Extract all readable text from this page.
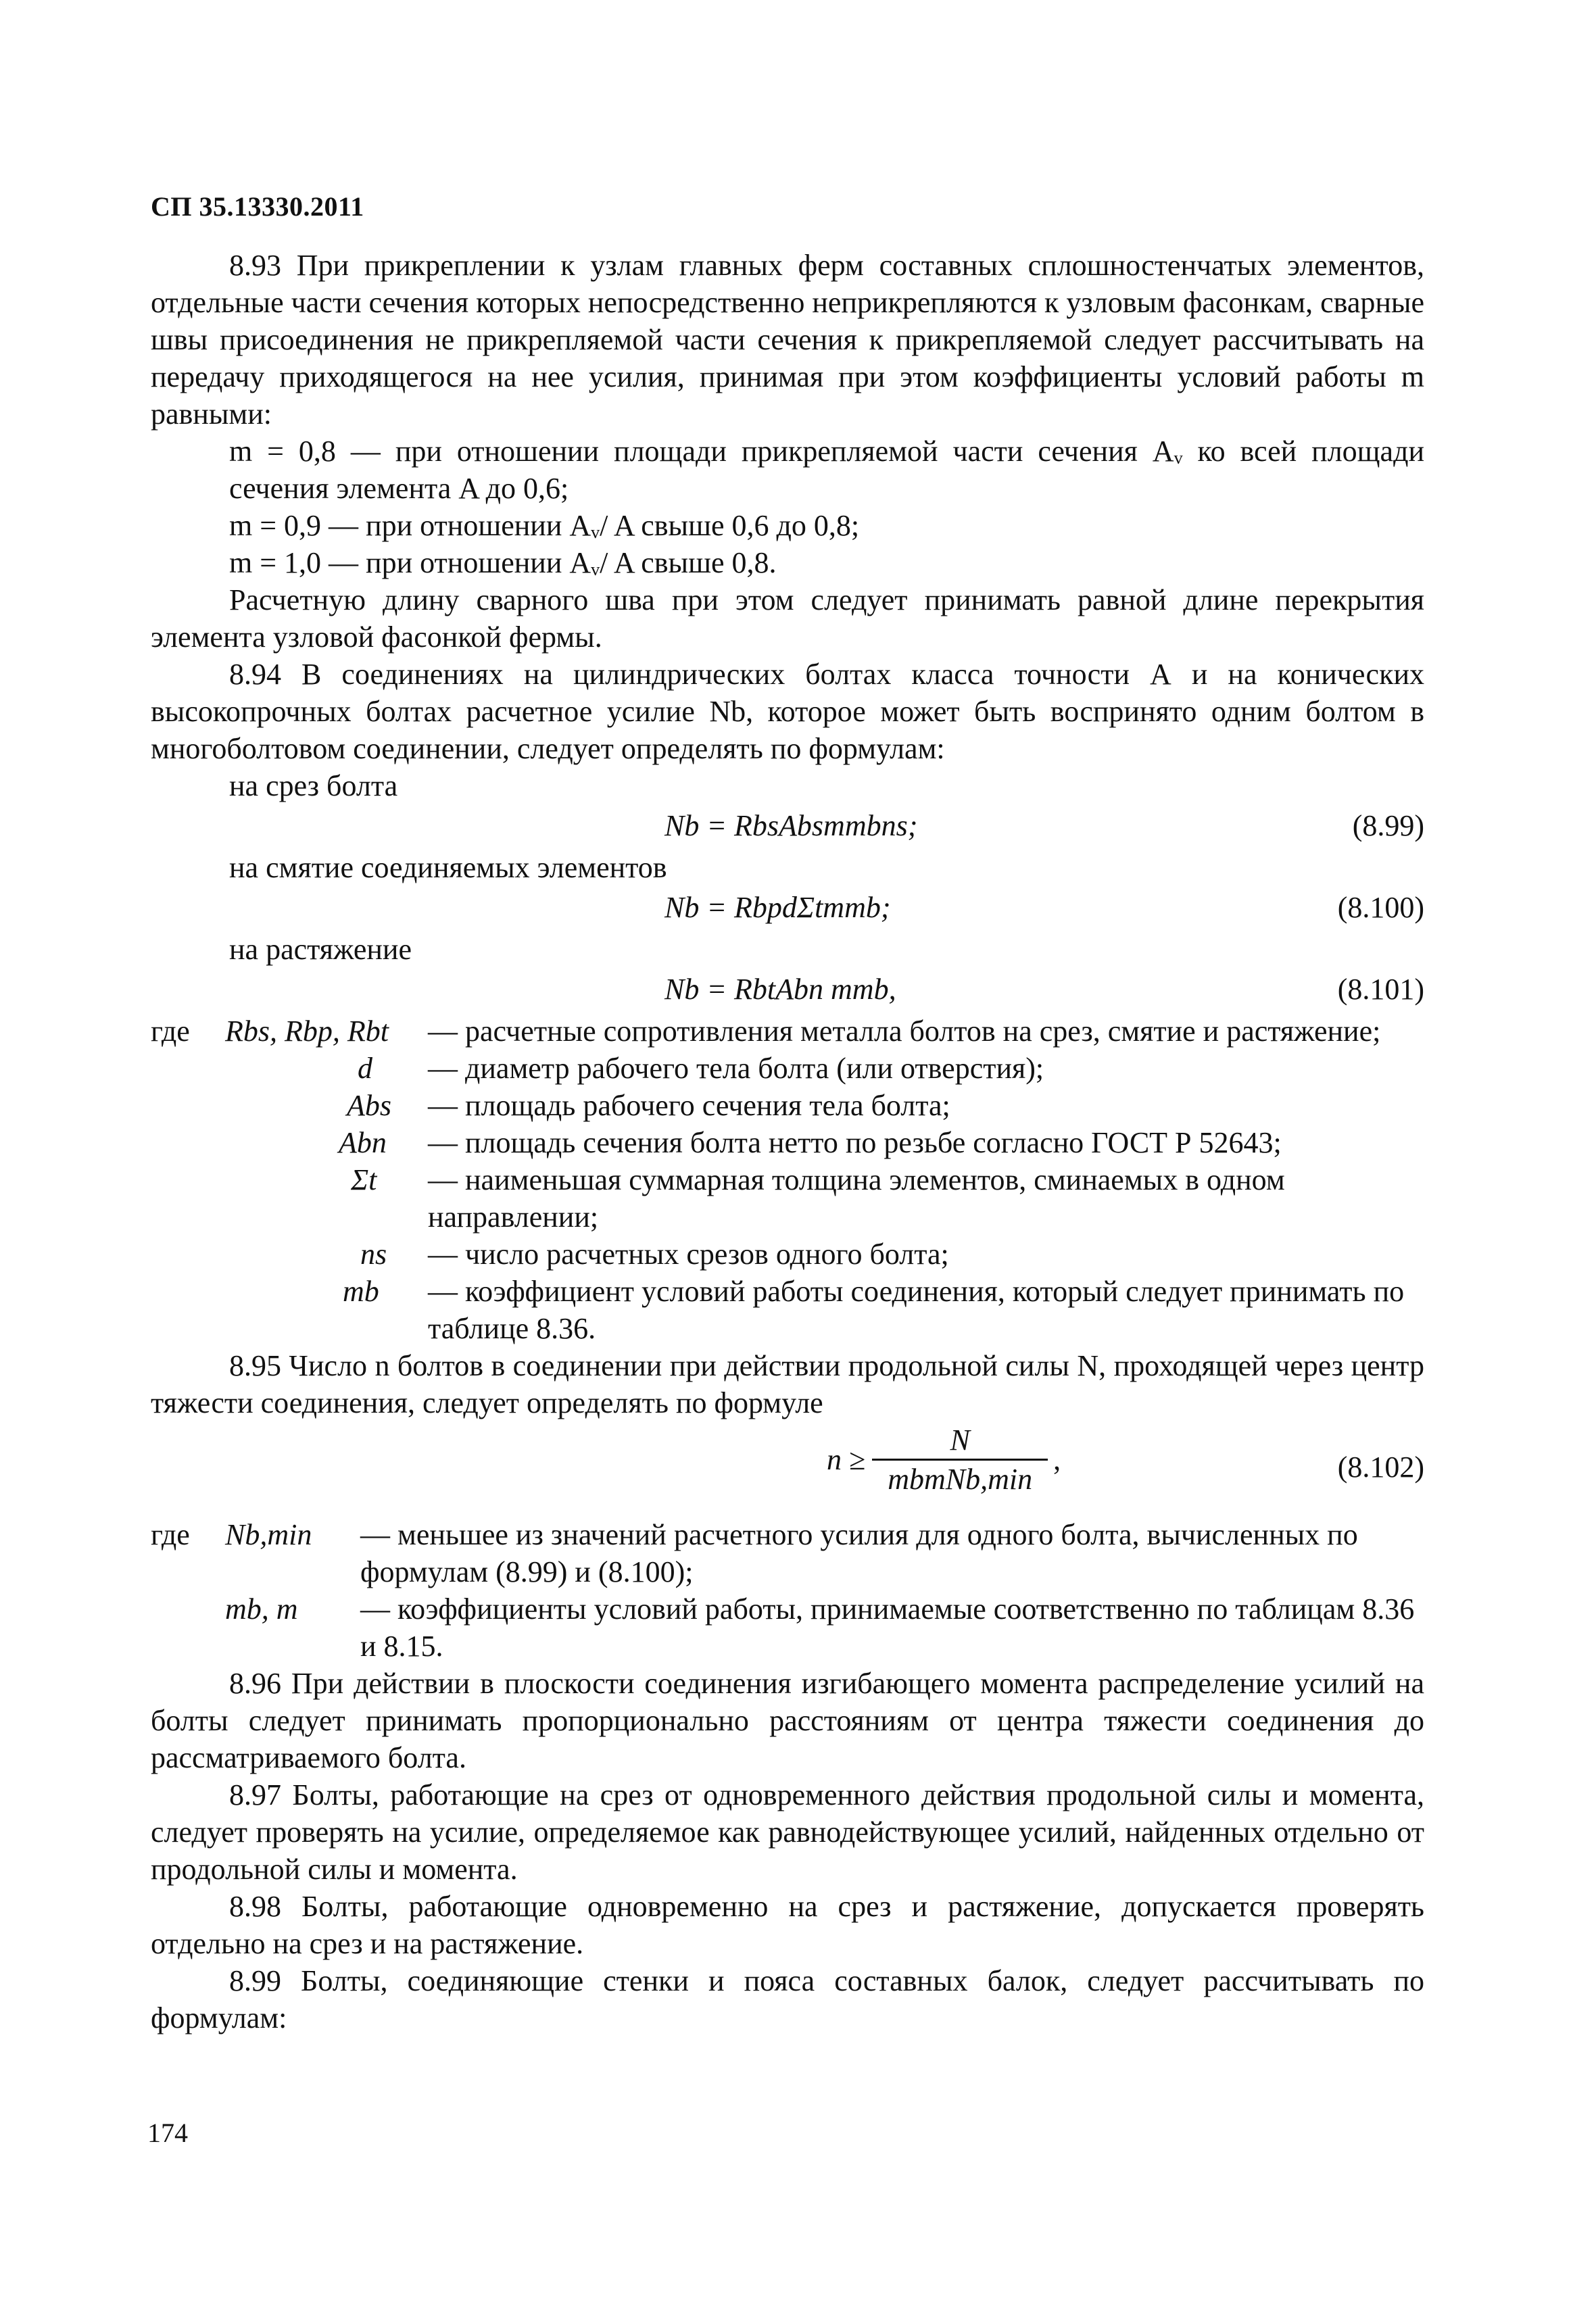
СП 35.13330.2011

8.93 При прикреплении к узлам главных ферм составных сплошностенчатых элементов, отдельные части сечения которых непосредственно неприкрепляются к узловым фасонкам, сварные швы присоединения не прикрепляемой части сечения к прикрепляемой следует рассчитывать на передачу приходящегося на нее усилия, принимая при этом коэффициенты условий работы m равными:

m = 0,8 — при отношении площади прикрепляемой части сечения Aᵥ ко всей площади сечения элемента A до 0,6;

m = 0,9 — при отношении Aᵥ/ A свыше 0,6 до 0,8;

m = 1,0 — при отношении Aᵥ/ A свыше 0,8.

Расчетную длину сварного шва при этом следует принимать равной длине перекрытия элемента узловой фасонкой фермы.

8.94 В соединениях на цилиндрических болтах класса точности А и на конических высокопрочных болтах расчетное усилие Nb, которое может быть воспринято одним болтом в многоболтовом соединении, следует определять по формулам:

на срез болта

Nb = RbsAbsmmbns;	(8.99)

на смятие соединяемых элементов

Nb = RbpdΣtmmb;	(8.100)

на растяжение

Nb = RbtAbn mmb,	(8.101)
где Rbs, Rbp, Rbt	— расчетные сопротивления металла болтов на срез, смятие и растяжение;
d	— диаметр рабочего тела болта (или отверстия);
Abs	— площадь рабочего сечения тела болта;
Abn	— площадь сечения болта нетто по резьбе согласно ГОСТ Р 52643;
Σt	— наименьшая суммарная толщина элементов, сминаемых в одном направлении;
ns	— число расчетных срезов одного болта;
mb	— коэффициент условий работы соединения, который следует принимать по таблице 8.36.

8.95 Число n болтов в соединении при действии продольной силы N, проходящей через центр тяжести соединения, следует определять по формуле

n ≥
N
mbmNb,min
,	(8.102)
где Nb,min	— меньшее из значений расчетного усилия для одного болта, вычисленных по формулам (8.99) и (8.100);
mb, m	— коэффициенты условий работы, принимаемые соответственно по таблицам 8.36 и 8.15.

8.96 При действии в плоскости соединения изгибающего момента распределение усилий на болты следует принимать пропорционально расстояниям от центра тяжести соединения до рассматриваемого болта.

8.97 Болты, работающие на срез от одновременного действия продольной силы и момента, следует проверять на усилие, определяемое как равнодействующее усилий, найденных отдельно от продольной силы и момента.

8.98 Болты, работающие одновременно на срез и растяжение, допускается проверять отдельно на срез и на растяжение.

8.99 Болты, соединяющие стенки и пояса составных балок, следует рассчитывать по формулам:

174
